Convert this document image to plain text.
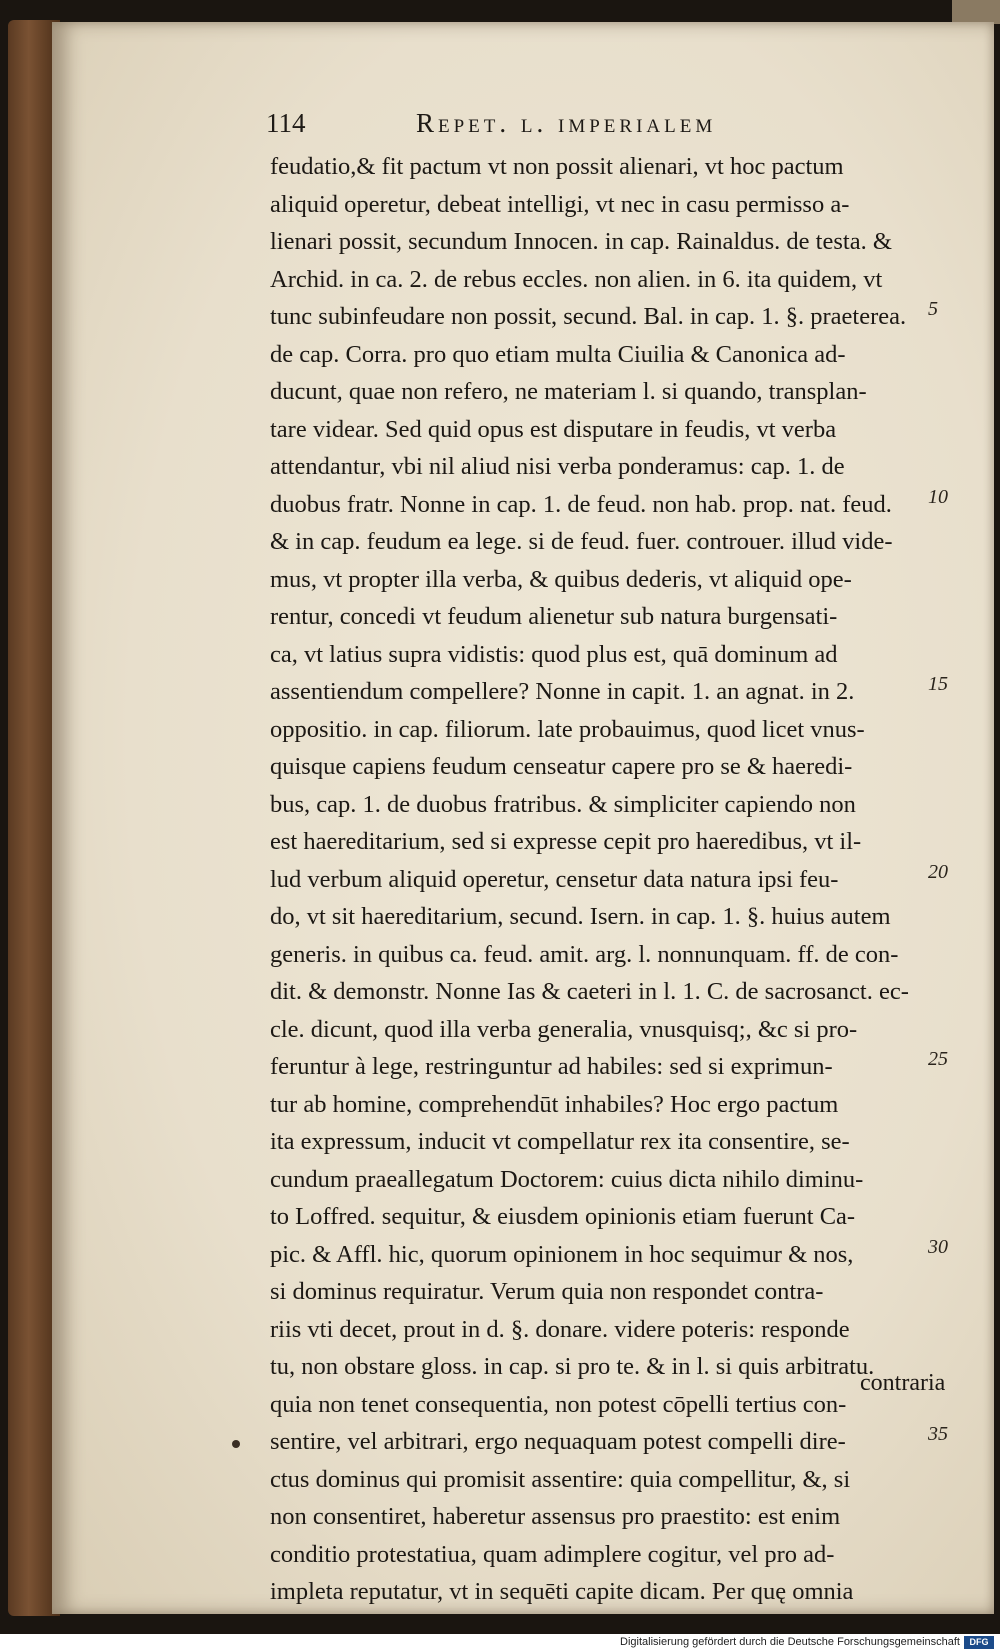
114	Repet. l. imperialem
feudatio,& fit pactum vt non possit alienari, vt hoc pactum
aliquid operetur, debeat intelligi, vt nec in casu permisso a-
lienari possit, secundum Innocen. in cap. Rainaldus. de testa. &
Archid. in ca. 2. de rebus eccles. non alien. in 6. ita quidem, vt
tunc subinfeudare non possit, secund. Bal. in cap. 1. §. praeterea.
de cap. Corra. pro quo etiam multa Ciuilia & Canonica ad-
ducunt, quae non refero, ne materiam l. si quando, transplan-
tare videar. Sed quid opus est disputare in feudis, vt verba
attendantur, vbi nil aliud nisi verba ponderamus: cap. 1. de
duobus fratr. Nonne in cap. 1. de feud. non hab. prop. nat. feud.
& in cap. feudum ea lege. si de feud. fuer. controuer. illud vide-
mus, vt propter illa verba, & quibus dederis, vt aliquid ope-
rentur, concedi vt feudum alienetur sub natura burgensati-
ca, vt latius supra vidistis: quod plus est, quā dominum ad
assentiendum compellere? Nonne in capit. 1. an agnat. in 2.
oppositio. in cap. filiorum. late probauimus, quod licet vnus-
quisque capiens feudum censeatur capere pro se & haeredi-
bus, cap. 1. de duobus fratribus. & simpliciter capiendo non
est haereditarium, sed si expresse cepit pro haeredibus, vt il-
lud verbum aliquid operetur, censetur data natura ipsi feu-
do, vt sit haereditarium, secund. Isern. in cap. 1. §. huius autem
generis. in quibus ca. feud. amit. arg. l. nonnunquam. ff. de con-
dit. & demonstr. Nonne Ias & caeteri in l. 1. C. de sacrosanct. ec-
cle. dicunt, quod illa verba generalia, vnusquisq;, &c si pro-
feruntur à lege, restringuntur ad habiles: sed si exprimun-
tur ab homine, comprehendūt inhabiles? Hoc ergo pactum
ita expressum, inducit vt compellatur rex ita consentire, se-
cundum praeallegatum Doctorem: cuius dicta nihilo diminu-
to Loffred. sequitur, & eiusdem opinionis etiam fuerunt Ca-
pic. & Affl. hic, quorum opinionem in hoc sequimur & nos,
si dominus requiratur. Verum quia non respondet contra-
riis vti decet, prout in d. §. donare. videre poteris: responde
tu, non obstare gloss. in cap. si pro te. & in l. si quis arbitratu.
quia non tenet consequentia, non potest cōpelli tertius con-
sentire, vel arbitrari, ergo nequaquam potest compelli dire-
ctus dominus qui promisit assentire: quia compellitur, &, si
non consentiret, haberetur assensus pro praestito: est enim
conditio protestatiua, quam adimplere cogitur, vel pro ad-
impleta reputatur, vt in sequēti capite dicam. Per quę omnia
5
10
15
20
25
30
35
contraria
Digitalisierung gefördert durch die Deutsche Forschungsgemeinschaft	DFG
